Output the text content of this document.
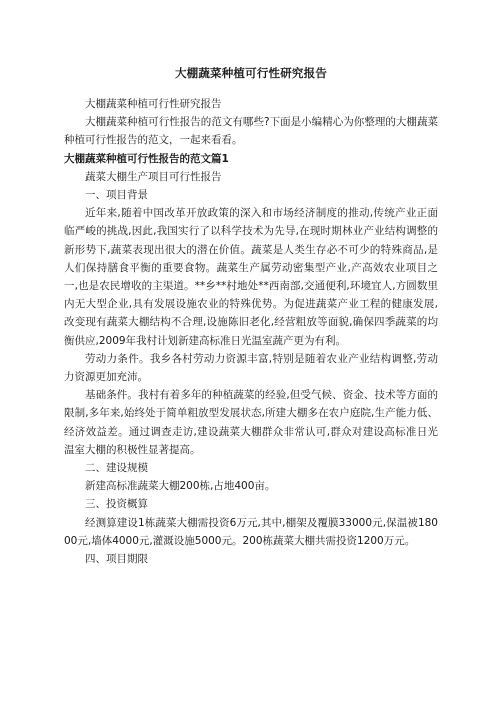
大棚蔬菜种植可行性研究报告

大棚蔬菜种植可行性研究报告

大棚蔬菜种植可行性报告的范文有哪些?下面是小编精心为你整理的大棚蔬菜种植可行性报告的范文，一起来看看。

大棚蔬菜种植可行性报告的范文篇1

蔬菜大棚生产项目可行性报告

一、项目背景

近年来,随着中国改革开放政策的深入和市场经济制度的推动,传统产业正面临严峻的挑战,因此,我国实行了以科学技术为先导,在现时期林业产业结构调整的新形势下,蔬菜表现出很大的潜在价值。蔬菜是人类生存必不可少的特殊商品,是人们保持膳食平衡的重要食物。蔬菜生产属劳动密集型产业,产高效农业项目之一,也是农民增收的主渠道。**乡**村地处**西南部,交通便利,环境宜人,方圆数里内无大型企业,具有发展设施农业的特殊优势。为促进蔬菜产业工程的健康发展,改变现有蔬菜大棚结构不合理,设施陈旧老化,经营粗放等面貌,确保四季蔬菜的均衡供应,2009年我村计划新建高标准日光温室蔬产更为有利。

劳动力条件。我乡各村劳动力资源丰富,特别是随着农业产业结构调整,劳动力资源更加充沛。

基础条件。我村有着多年的种植蔬菜的经验,但受气候、资金、技术等方面的限制,多年来,始终处于简单粗放型发展状态,所建大棚多在农户庭院,生产能力低、经济效益差。通过调查走访,建设蔬菜大棚群众非常认可,群众对建设高标准日光温室大棚的积极性显著提高。

二、建设规模

新建高标准蔬菜大棚200栋,占地400亩。

三、投资概算

经测算建设1栋蔬菜大棚需投资6万元,其中,棚架及覆膜33000元,保温被18000元,墙体4000元,灌溉设施5000元。200栋蔬菜大棚共需投资1200万元。

四、项目期限
